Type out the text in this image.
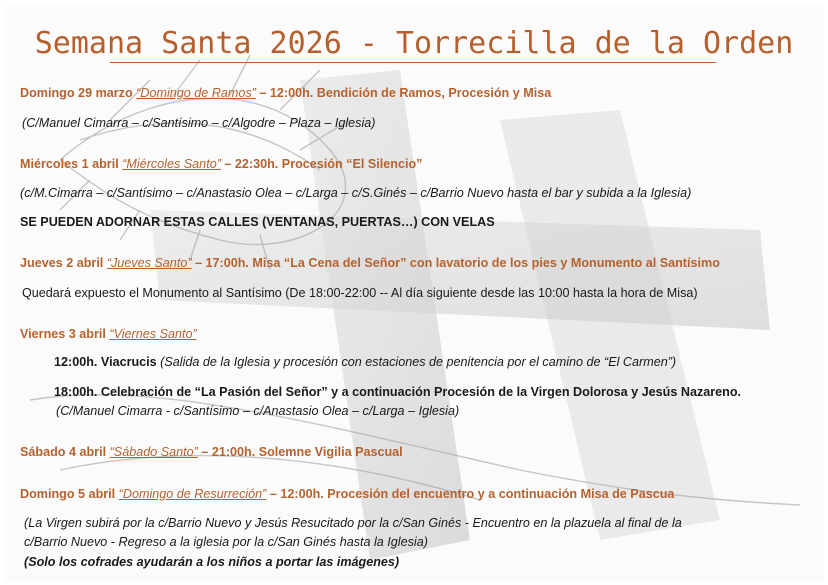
Semana Santa 2026 - Torrecilla de la Orden
Domingo 29 marzo “Domingo de Ramos” – 12:00h. Bendición de Ramos, Procesión y Misa
(C/Manuel Cimarra – c/Santísimo – c/Algodre – Plaza – Iglesia)
Miércoles 1 abril “Miércoles Santo” – 22:30h. Procesión “El Silencio”
(c/M.Cimarra – c/Santísimo – c/Anastasio Olea – c/Larga – c/S.Ginés – c/Barrio Nuevo hasta el bar y subida a la Iglesia)
SE PUEDEN ADORNAR ESTAS CALLES (VENTANAS, PUERTAS…) CON VELAS
Jueves 2 abril “Jueves Santo” – 17:00h. Misa “La Cena del Señor” con lavatorio de los pies y Monumento al Santísimo
Quedará expuesto el Monumento al Santísimo (De 18:00-22:00 -- Al día siguiente desde las 10:00 hasta la hora de Misa)
Viernes 3 abril “Viernes Santo”
12:00h. Viacrucis (Salida de la Iglesia y procesión con estaciones de penitencia por el camino de “El Carmen”)
18:00h. Celebración de “La Pasión del Señor” y a continuación Procesión de la Virgen Dolorosa y Jesús Nazareno.
(C/Manuel Cimarra - c/Santísimo – c/Anastasio Olea – c/Larga – Iglesia)
Sábado 4 abril “Sábado Santo” – 21:00h. Solemne Vigilia Pascual
Domingo 5 abril “Domingo de Resurreción” – 12:00h. Procesión del encuentro y a continuación Misa de Pascua
(La Virgen subirá por la c/Barrio Nuevo y Jesús Resucitado por la c/San Ginés - Encuentro en la plazuela al final de la
c/Barrio Nuevo - Regreso a la iglesia por la c/San Ginés hasta la Iglesia)
(Solo los cofrades ayudarán a los niños a portar las imágenes)
